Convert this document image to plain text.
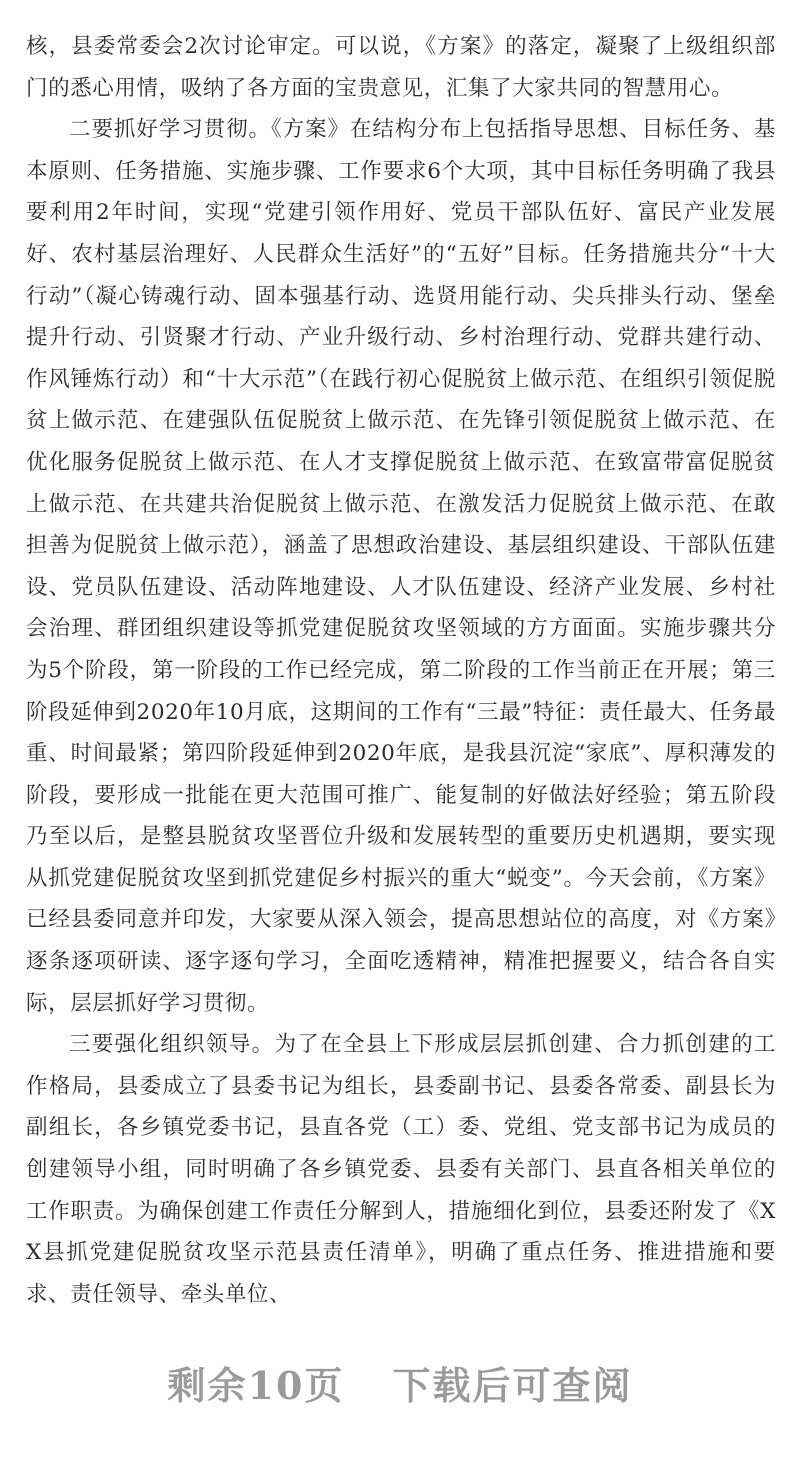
核，县委常委会2次讨论审定。可以说，《方案》的落定，凝聚了上级组织部门的悉心用情，吸纳了各方面的宝贵意见，汇集了大家共同的智慧用心。

二要抓好学习贯彻。《方案》在结构分布上包括指导思想、目标任务、基本原则、任务措施、实施步骤、工作要求6个大项，其中目标任务明确了我县要利用2年时间，实现“党建引领作用好、党员干部队伍好、富民产业发展好、农村基层治理好、人民群众生活好”的“五好”目标。任务措施共分“十大行动”（凝心铸魂行动、固本强基行动、选贤用能行动、尖兵排头行动、堡垒提升行动、引贤聚才行动、产业升级行动、乡村治理行动、党群共建行动、作风锤炼行动）和“十大示范”（在践行初心促脱贫上做示范、在组织引领促脱贫上做示范、在建强队伍促脱贫上做示范、在先锋引领促脱贫上做示范、在优化服务促脱贫上做示范、在人才支撑促脱贫上做示范、在致富带富促脱贫上做示范、在共建共治促脱贫上做示范、在激发活力促脱贫上做示范、在敢担善为促脱贫上做示范），涵盖了思想政治建设、基层组织建设、干部队伍建设、党员队伍建设、活动阵地建设、人才队伍建设、经济产业发展、乡村社会治理、群团组织建设等抓党建促脱贫攻坚领域的方方面面。实施步骤共分为5个阶段，第一阶段的工作已经完成，第二阶段的工作当前正在开展；第三阶段延伸到2020年10月底，这期间的工作有“三最”特征：责任最大、任务最重、时间最紧；第四阶段延伸到2020年底，是我县沉淀“家底”、厚积薄发的阶段，要形成一批能在更大范围可推广、能复制的好做法好经验；第五阶段乃至以后，是整县脱贫攻坚晋位升级和发展转型的重要历史机遇期，要实现从抓党建促脱贫攻坚到抓党建促乡村振兴的重大“蜕变”。今天会前，《方案》已经县委同意并印发，大家要从深入领会，提高思想站位的高度，对《方案》逐条逐项研读、逐字逐句学习，全面吃透精神，精准把握要义，结合各自实际，层层抓好学习贯彻。

三要强化组织领导。为了在全县上下形成层层抓创建、合力抓创建的工作格局，县委成立了县委书记为组长，县委副书记、县委各常委、副县长为副组长，各乡镇党委书记，县直各党（工）委、党组、党支部书记为成员的创建领导小组，同时明确了各乡镇党委、县委有关部门、县直各相关单位的工作职责。为确保创建工作责任分解到人，措施细化到位，县委还附发了《XX县抓党建促脱贫攻坚示范县责任清单》，明确了重点任务、推进措施和要求、责任领导、牵头单位、

剩余10页 下载后可查阅
